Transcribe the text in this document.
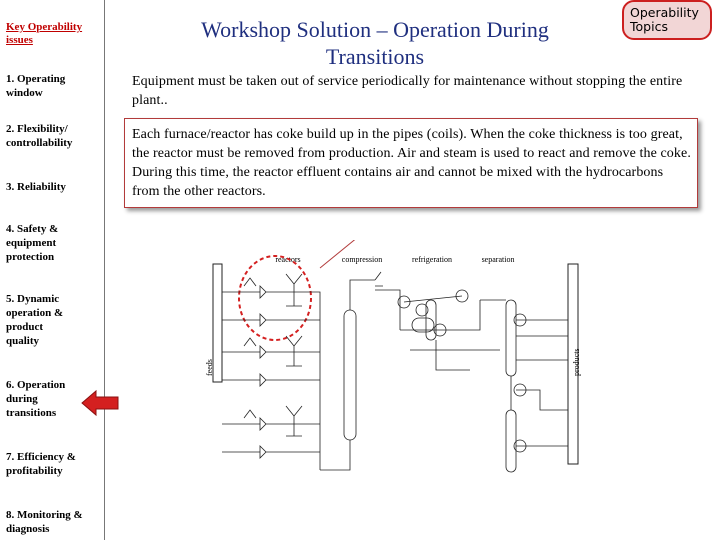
Key Operability
issues
1. Operating
window
2. Flexibility/
controllability
3. Reliability
4. Safety &
equipment
protection
5. Dynamic
operation &
product
quality
6. Operation
during
transitions
7. Efficiency &
profitability
8. Monitoring &
diagnosis
Workshop Solution – Operation During Transitions
Operability Topics
Equipment must be taken out of service periodically for maintenance without stopping the entire plant..
Each furnace/reactor has coke build up in the pipes (coils). When the coke thickness is too great, the reactor must be removed from production. Air and steam is used to react and remove the coke. During this time, the reactor effluent contains air and cannot be mixed with the hydrocarbons from the other reactors.
reactors	compression	refrigeration	separation
feeds	products
